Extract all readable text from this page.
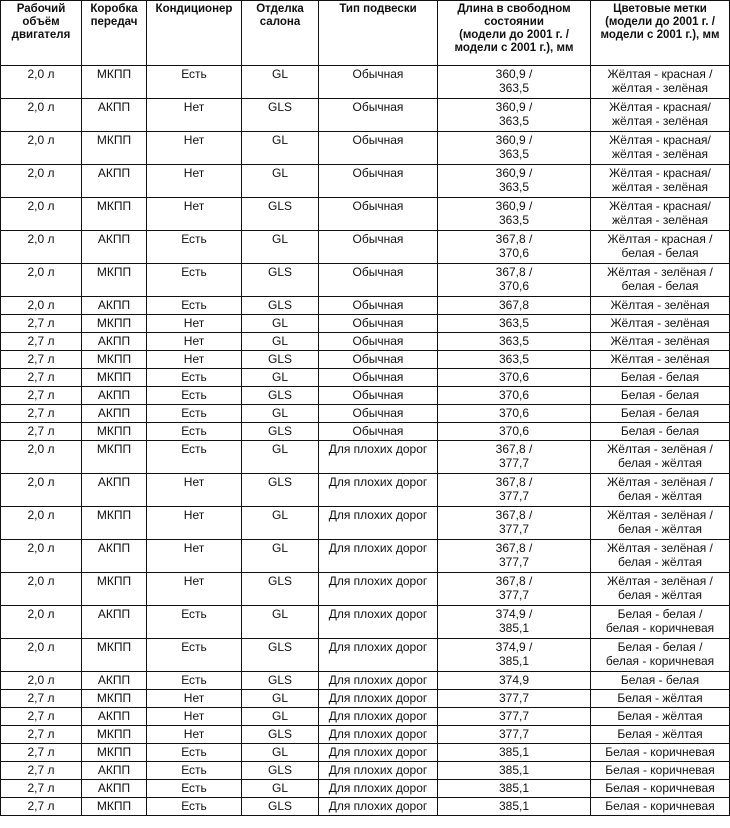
Рабочий
объём
двигателя	Коробка
передач	Кондиционер	Отделка
салона	Тип подвески	Длина в свободном
состоянии
(модели до 2001 г. /
модели с 2001 г.), мм	Цветовые метки
(модели до 2001 г. /
модели с 2001 г.), мм
2,0 л	МКПП	Есть	GL	Обычная	360,9 /
363,5	Жёлтая - красная /
жёлтая - зелёная
2,0 л	АКПП	Нет	GLS	Обычная	360,9 /
363,5	Жёлтая - красная/
жёлтая - зелёная
2,0 л	МКПП	Нет	GL	Обычная	360,9 /
363,5	Жёлтая - красная/
жёлтая - зелёная
2,0 л	АКПП	Нет	GL	Обычная	360,9 /
363,5	Жёлтая - красная/
жёлтая - зелёная
2,0 л	МКПП	Нет	GLS	Обычная	360,9 /
363,5	Жёлтая - красная/
жёлтая - зелёная
2,0 л	АКПП	Есть	GL	Обычная	367,8 /
370,6	Жёлтая - красная /
белая - белая
2,0 л	МКПП	Есть	GLS	Обычная	367,8 /
370,6	Жёлтая - зелёная /
белая - белая
2,0 л	АКПП	Есть	GLS	Обычная	367,8	Жёлтая - зелёная
2,7 л	МКПП	Нет	GL	Обычная	363,5	Жёлтая - зелёная
2,7 л	АКПП	Нет	GL	Обычная	363,5	Жёлтая - зелёная
2,7 л	МКПП	Нет	GLS	Обычная	363,5	Жёлтая - зелёная
2,7 л	МКПП	Есть	GL	Обычная	370,6	Белая - белая
2,7 л	АКПП	Есть	GLS	Обычная	370,6	Белая - белая
2,7 л	АКПП	Есть	GL	Обычная	370,6	Белая - белая
2,7 л	МКПП	Есть	GLS	Обычная	370,6	Белая - белая
2,0 л	МКПП	Есть	GL	Для плохих дорог	367,8 /
377,7	Жёлтая - зелёная /
белая - жёлтая
2,0 л	АКПП	Нет	GLS	Для плохих дорог	367,8 /
377,7	Жёлтая - зелёная /
белая - жёлтая
2,0 л	МКПП	Нет	GL	Для плохих дорог	367,8 /
377,7	Жёлтая - зелёная /
белая - жёлтая
2,0 л	АКПП	Нет	GL	Для плохих дорог	367,8 /
377,7	Жёлтая - зелёная /
белая - жёлтая
2,0 л	МКПП	Нет	GLS	Для плохих дорог	367,8 /
377,7	Жёлтая - зелёная /
белая - жёлтая
2,0 л	АКПП	Есть	GL	Для плохих дорог	374,9 /
385,1	Белая - белая /
белая - коричневая
2,0 л	МКПП	Есть	GLS	Для плохих дорог	374,9 /
385,1	Белая - белая /
белая - коричневая
2,0 л	АКПП	Есть	GLS	Для плохих дорог	374,9	Белая - белая
2,7 л	МКПП	Нет	GL	Для плохих дорог	377,7	Белая - жёлтая
2,7 л	АКПП	Нет	GL	Для плохих дорог	377,7	Белая - жёлтая
2,7 л	МКПП	Нет	GLS	Для плохих дорог	377,7	Белая - жёлтая
2,7 л	МКПП	Есть	GL	Для плохих дорог	385,1	Белая - коричневая
2,7 л	АКПП	Есть	GLS	Для плохих дорог	385,1	Белая - коричневая
2,7 л	АКПП	Есть	GL	Для плохих дорог	385,1	Белая - коричневая
2,7 л	МКПП	Есть	GLS	Для плохих дорог	385,1	Белая - коричневая
